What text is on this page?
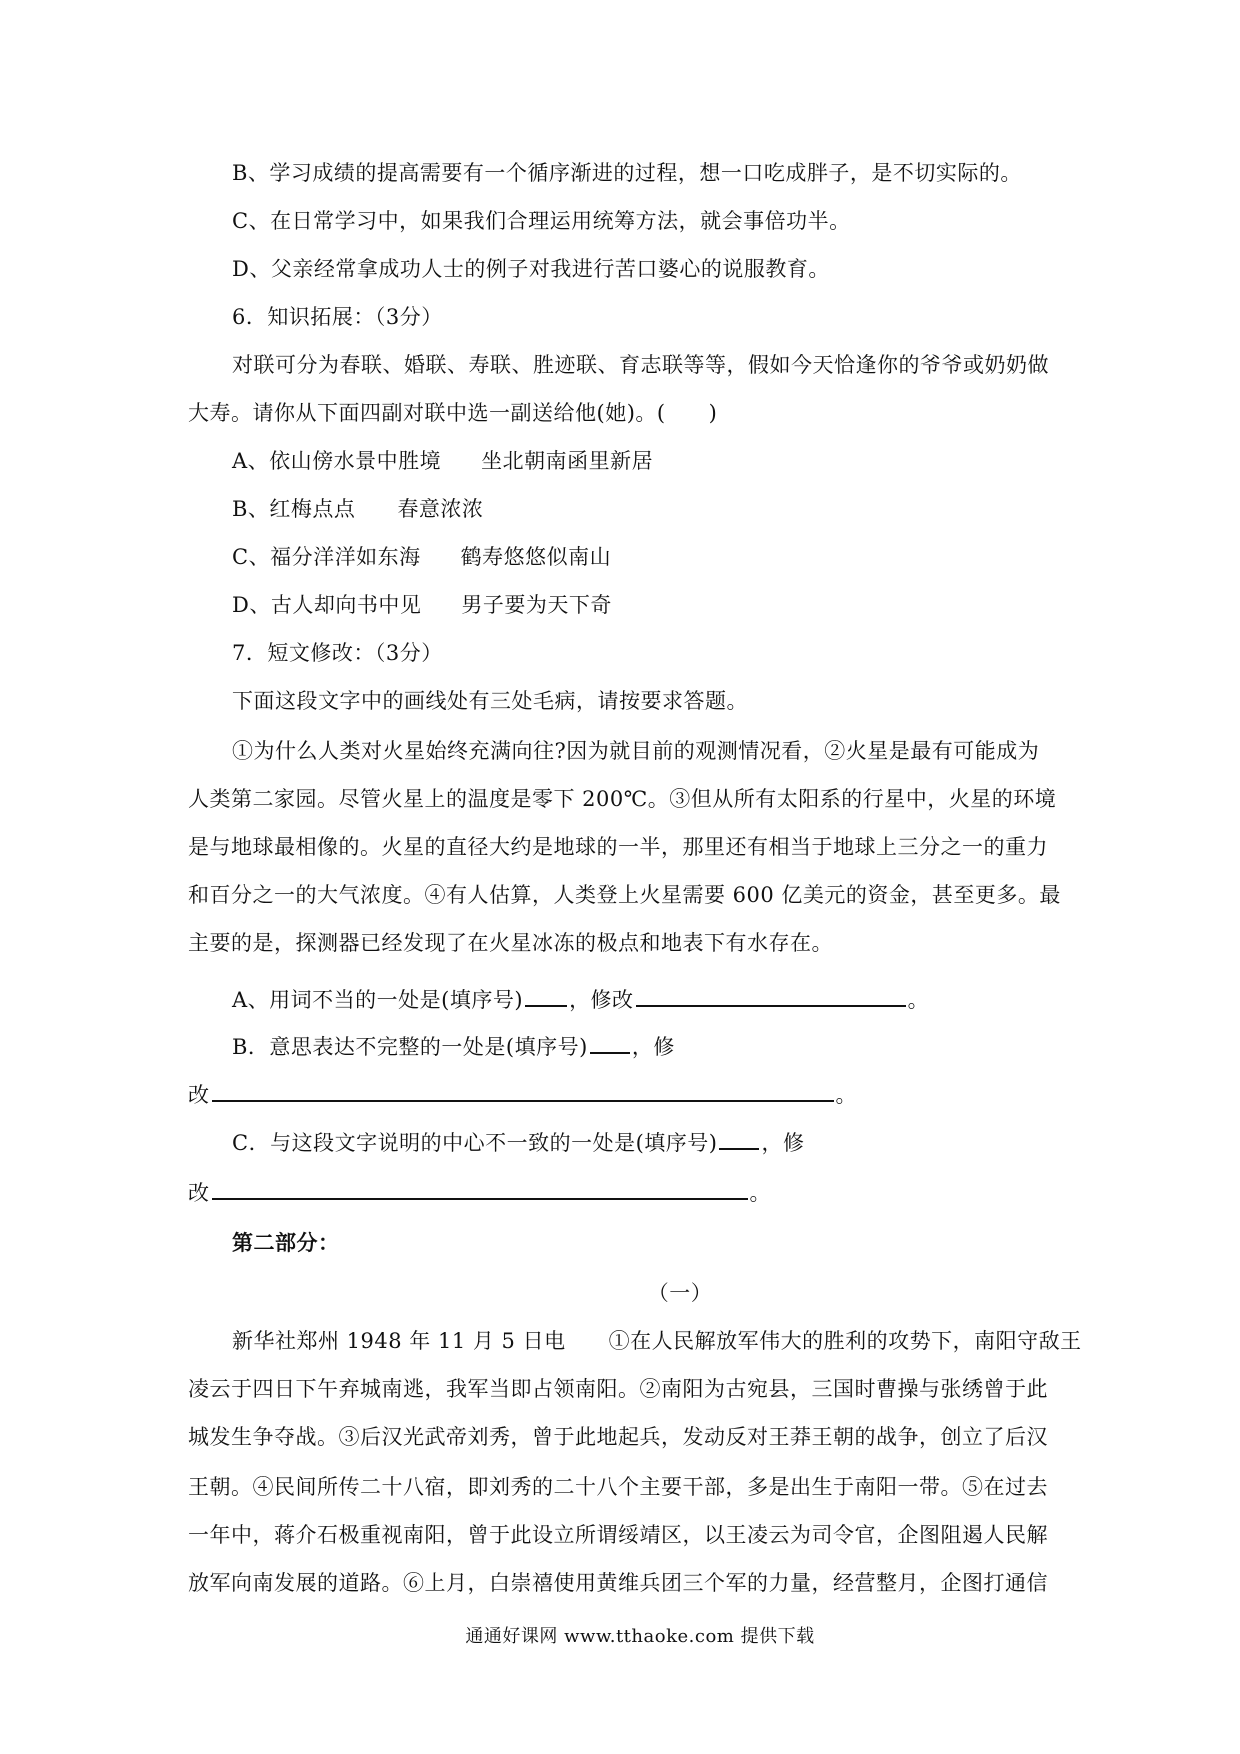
B、学习成绩的提高需要有一个循序渐进的过程，想一口吃成胖子，是不切实际的。
C、在日常学习中，如果我们合理运用统筹方法，就会事倍功半。
D、父亲经常拿成功人士的例子对我进行苦口婆心的说服教育。
6．知识拓展：（3分）
对联可分为春联、婚联、寿联、胜迹联、育志联等等，假如今天恰逢你的爷爷或奶奶做
大寿。请你从下面四副对联中选一副送给他(她)。(　　)
A、依山傍水景中胜境 坐北朝南函里新居
B、红梅点点 春意浓浓
C、福分洋洋如东海 鹤寿悠悠似南山
D、古人却向书中见 男子要为天下奇
7．短文修改：（3分）
下面这段文字中的画线处有三处毛病，请按要求答题。
①为什么人类对火星始终充满向往?因为就目前的观测情况看，②火星是最有可能成为
人类第二家园。尽管火星上的温度是零下 200℃。③但从所有太阳系的行星中，火星的环境
是与地球最相像的。火星的直径大约是地球的一半，那里还有相当于地球上三分之一的重力
和百分之一的大气浓度。④有人估算，人类登上火星需要 600 亿美元的资金，甚至更多。最
主要的是，探测器已经发现了在火星冰冻的极点和地表下有水存在。
A、用词不当的一处是(填序号) ，修改	。
B．意思表达不完整的一处是(填序号) ，修
改	。
C．与这段文字说明的中心不一致的一处是(填序号) ，修
改	。
第二部分：
（一）
新华社郑州 1948 年 11 月 5 日电　　①在人民解放军伟大的胜利的攻势下，南阳守敌王
凌云于四日下午弃城南逃，我军当即占领南阳。②南阳为古宛县，三国时曹操与张绣曾于此
城发生争夺战。③后汉光武帝刘秀，曾于此地起兵，发动反对王莽王朝的战争，创立了后汉
王朝。④民间所传二十八宿，即刘秀的二十八个主要干部，多是出生于南阳一带。⑤在过去
一年中，蒋介石极重视南阳，曾于此设立所谓绥靖区，以王凌云为司令官，企图阻遏人民解
放军向南发展的道路。⑥上月，白崇禧使用黄维兵团三个军的力量，经营整月，企图打通信
通通好课网 www.tthaoke.com 提供下载
